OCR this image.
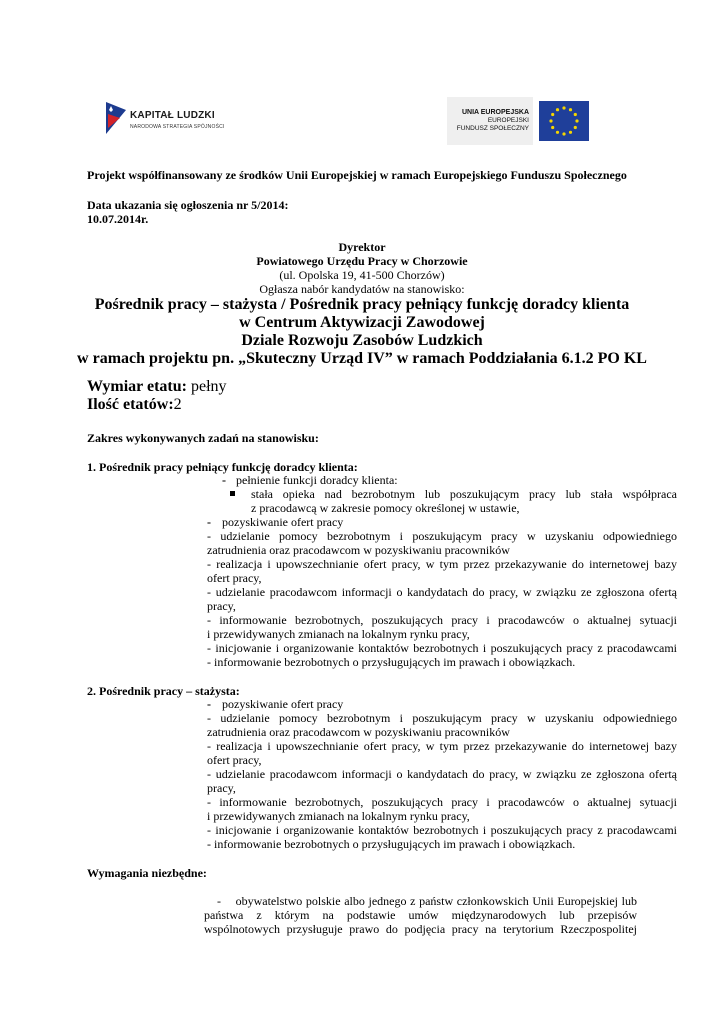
KAPITAŁ LUDZKI
NARODOWA STRATEGIA SPÓJNOŚCI
UNIA EUROPEJSKA
EUROPEJSKI
FUNDUSZ SPOŁECZNY
Projekt współfinansowany ze środków Unii Europejskiej w ramach Europejskiego Funduszu Społecznego
Data ukazania się ogłoszenia nr 5/2014:
10.07.2014r.
Dyrektor
Powiatowego Urzędu Pracy w Chorzowie
(ul. Opolska 19, 41-500 Chorzów)
Ogłasza nabór kandydatów na stanowisko:
Pośrednik pracy – stażysta / Pośrednik pracy pełniący funkcję doradcy klienta
w Centrum Aktywizacji Zawodowej
Dziale Rozwoju Zasobów Ludzkich
w ramach projektu pn. „Skuteczny Urząd IV” w ramach Poddziałania 6.1.2 PO KL
Wymiar etatu: pełny
Ilość etatów:2
Zakres wykonywanych zadań na stanowisku:
1. Pośrednik pracy pełniący funkcję doradcy klienta:
- pełnienie funkcji doradcy klienta:
stała opieka nad bezrobotnym lub poszukującym pracy lub stała współpraca
z pracodawcą w zakresie pomocy określonej w ustawie,
- pozyskiwanie ofert pracy
- udzielanie pomocy bezrobotnym i poszukującym pracy w uzyskaniu odpowiedniego
zatrudnienia oraz pracodawcom w pozyskiwaniu pracowników
- realizacja i upowszechnianie ofert pracy, w tym przez przekazywanie do internetowej bazy
ofert pracy,
- udzielanie pracodawcom informacji o kandydatach do pracy, w związku ze zgłoszona ofertą
pracy,
- informowanie bezrobotnych, poszukujących pracy i pracodawców o aktualnej sytuacji
i przewidywanych zmianach na lokalnym rynku pracy,
- inicjowanie i organizowanie kontaktów bezrobotnych i poszukujących pracy z pracodawcami
- informowanie bezrobotnych o przysługujących im prawach i obowiązkach.
2. Pośrednik pracy – stażysta:
- pozyskiwanie ofert pracy
- udzielanie pomocy bezrobotnym i poszukującym pracy w uzyskaniu odpowiedniego
zatrudnienia oraz pracodawcom w pozyskiwaniu pracowników
- realizacja i upowszechnianie ofert pracy, w tym przez przekazywanie do internetowej bazy
ofert pracy,
- udzielanie pracodawcom informacji o kandydatach do pracy, w związku ze zgłoszona ofertą
pracy,
- informowanie bezrobotnych, poszukujących pracy i pracodawców o aktualnej sytuacji
i przewidywanych zmianach na lokalnym rynku pracy,
- inicjowanie i organizowanie kontaktów bezrobotnych i poszukujących pracy z pracodawcami
- informowanie bezrobotnych o przysługujących im prawach i obowiązkach.
Wymagania niezbędne:
-    obywatelstwo polskie albo jednego z państw członkowskich Unii Europejskiej lub
państwa z którym na podstawie umów międzynarodowych lub przepisów
wspólnotowych przysługuje prawo do podjęcia pracy na terytorium Rzeczpospolitej
